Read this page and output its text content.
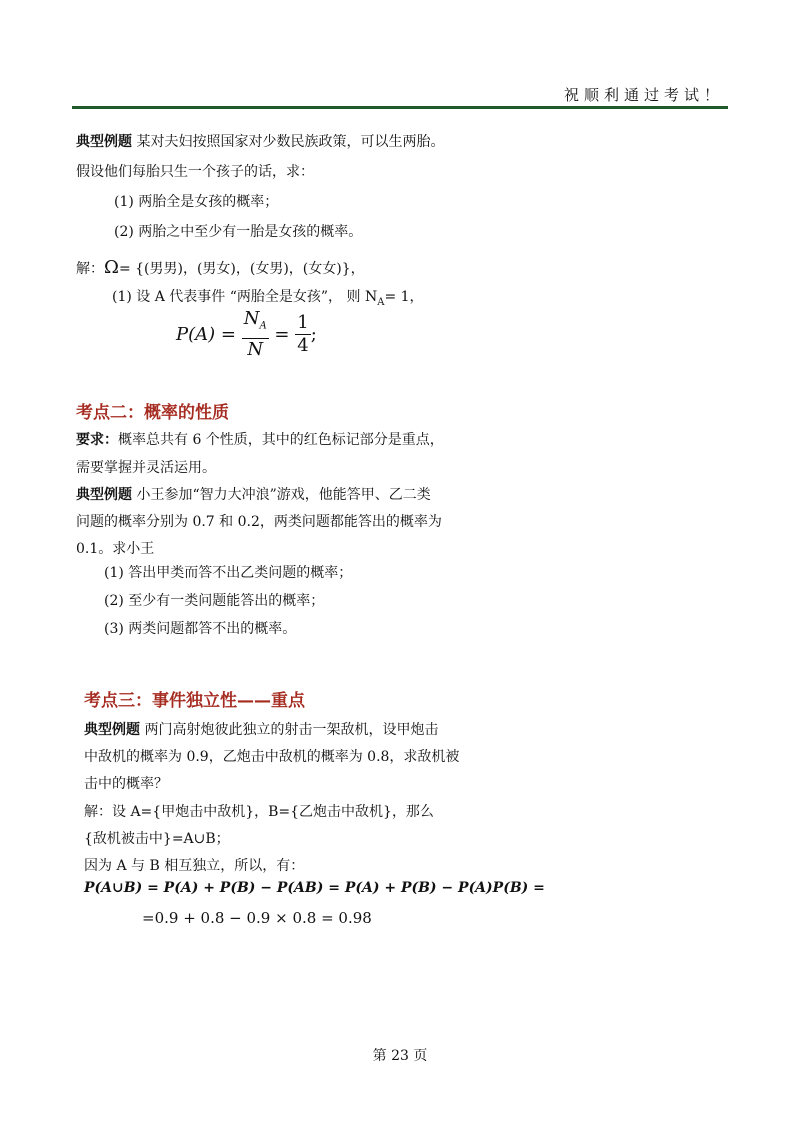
祝顺利通过考试！
典型例题 某对夫妇按照国家对少数民族政策，可以生两胎。
假设他们每胎只生一个孩子的话，求：
(1) 两胎全是女孩的概率；
(2) 两胎之中至少有一胎是女孩的概率。
解：Ω= {(男男)，(男女)，(女男)，(女女)}，
(1) 设 A 代表事件 “两胎全是女孩”， 则 $N_A= 1$，
$P(A) = \frac{N_A}{N} = \frac{1}{4}$ ;
考点二：概率的性质
要求：概率总共有 6 个性质，其中的红色标记部分是重点，
需要掌握并灵活运用。
典型例题 小王参加“智力大冲浪”游戏，他能答甲、乙二类
问题的概率分别为 0.7 和 0.2，两类问题都能答出的概率为
0.1。求小王
(1) 答出甲类而答不出乙类问题的概率；
(2) 至少有一类问题能答出的概率；
(3) 两类问题都答不出的概率。
考点三：事件独立性——重点
典型例题 两门高射炮彼此独立的射击一架敌机，设甲炮击
中敌机的概率为 0.9，乙炮击中敌机的概率为 0.8，求敌机被
击中的概率？
解：设 A={甲炮击中敌机}，B={乙炮击中敌机}，那么
{敌机被击中}=A∪B；
因为 A 与 B 相互独立，所以，有：
P(A∪B) = P(A) + P(B) − P(AB) = P(A) + P(B) − P(A)P(B) =
=0.9 + 0.8 − 0.9 × 0.8 = 0.98
第 23 页
